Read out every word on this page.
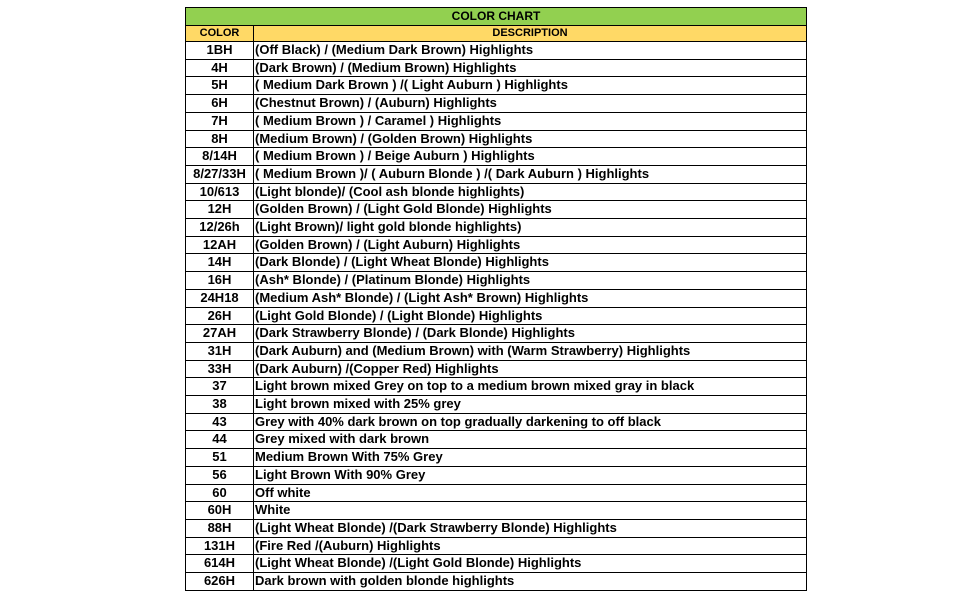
COLOR CHART	
COLOR	DESCRIPTION
1BH	(Off Black) / (Medium Dark Brown) Highlights
4H	(Dark Brown) / (Medium Brown) Highlights
5H	( Medium Dark Brown ) /( Light Auburn ) Highlights
6H	(Chestnut Brown) / (Auburn) Highlights
7H	( Medium Brown ) / Caramel ) Highlights
8H	(Medium Brown) / (Golden Brown) Highlights
8/14H	( Medium Brown ) / Beige Auburn ) Highlights
8/27/33H	( Medium Brown )/ ( Auburn Blonde ) /( Dark Auburn ) Highlights
10/613	(Light blonde)/ (Cool ash blonde highlights)
12H	(Golden Brown) / (Light Gold Blonde) Highlights
12/26h	(Light Brown)/ light gold blonde highlights)
12AH	(Golden Brown) / (Light Auburn) Highlights
14H	(Dark Blonde) / (Light Wheat Blonde) Highlights
16H	(Ash* Blonde) / (Platinum Blonde) Highlights
24H18	(Medium Ash* Blonde) / (Light Ash* Brown) Highlights
26H	(Light Gold Blonde) / (Light Blonde) Highlights
27AH	(Dark Strawberry Blonde) / (Dark Blonde) Highlights
31H	(Dark Auburn) and (Medium Brown) with (Warm Strawberry) Highlights
33H	(Dark Auburn) /(Copper Red) Highlights
37	Light brown mixed Grey on top to a medium brown mixed gray in black
38	Light brown mixed with 25% grey
43	Grey with 40% dark brown on top gradually darkening to off black
44	Grey mixed with dark brown
51	Medium Brown With 75% Grey
56	Light Brown With 90% Grey
60	Off white
60H	White
88H	(Light Wheat Blonde) /(Dark Strawberry Blonde) Highlights
131H	(Fire Red /(Auburn) Highlights
614H	(Light Wheat Blonde) /(Light Gold Blonde) Highlights
626H	Dark brown with golden blonde highlights
